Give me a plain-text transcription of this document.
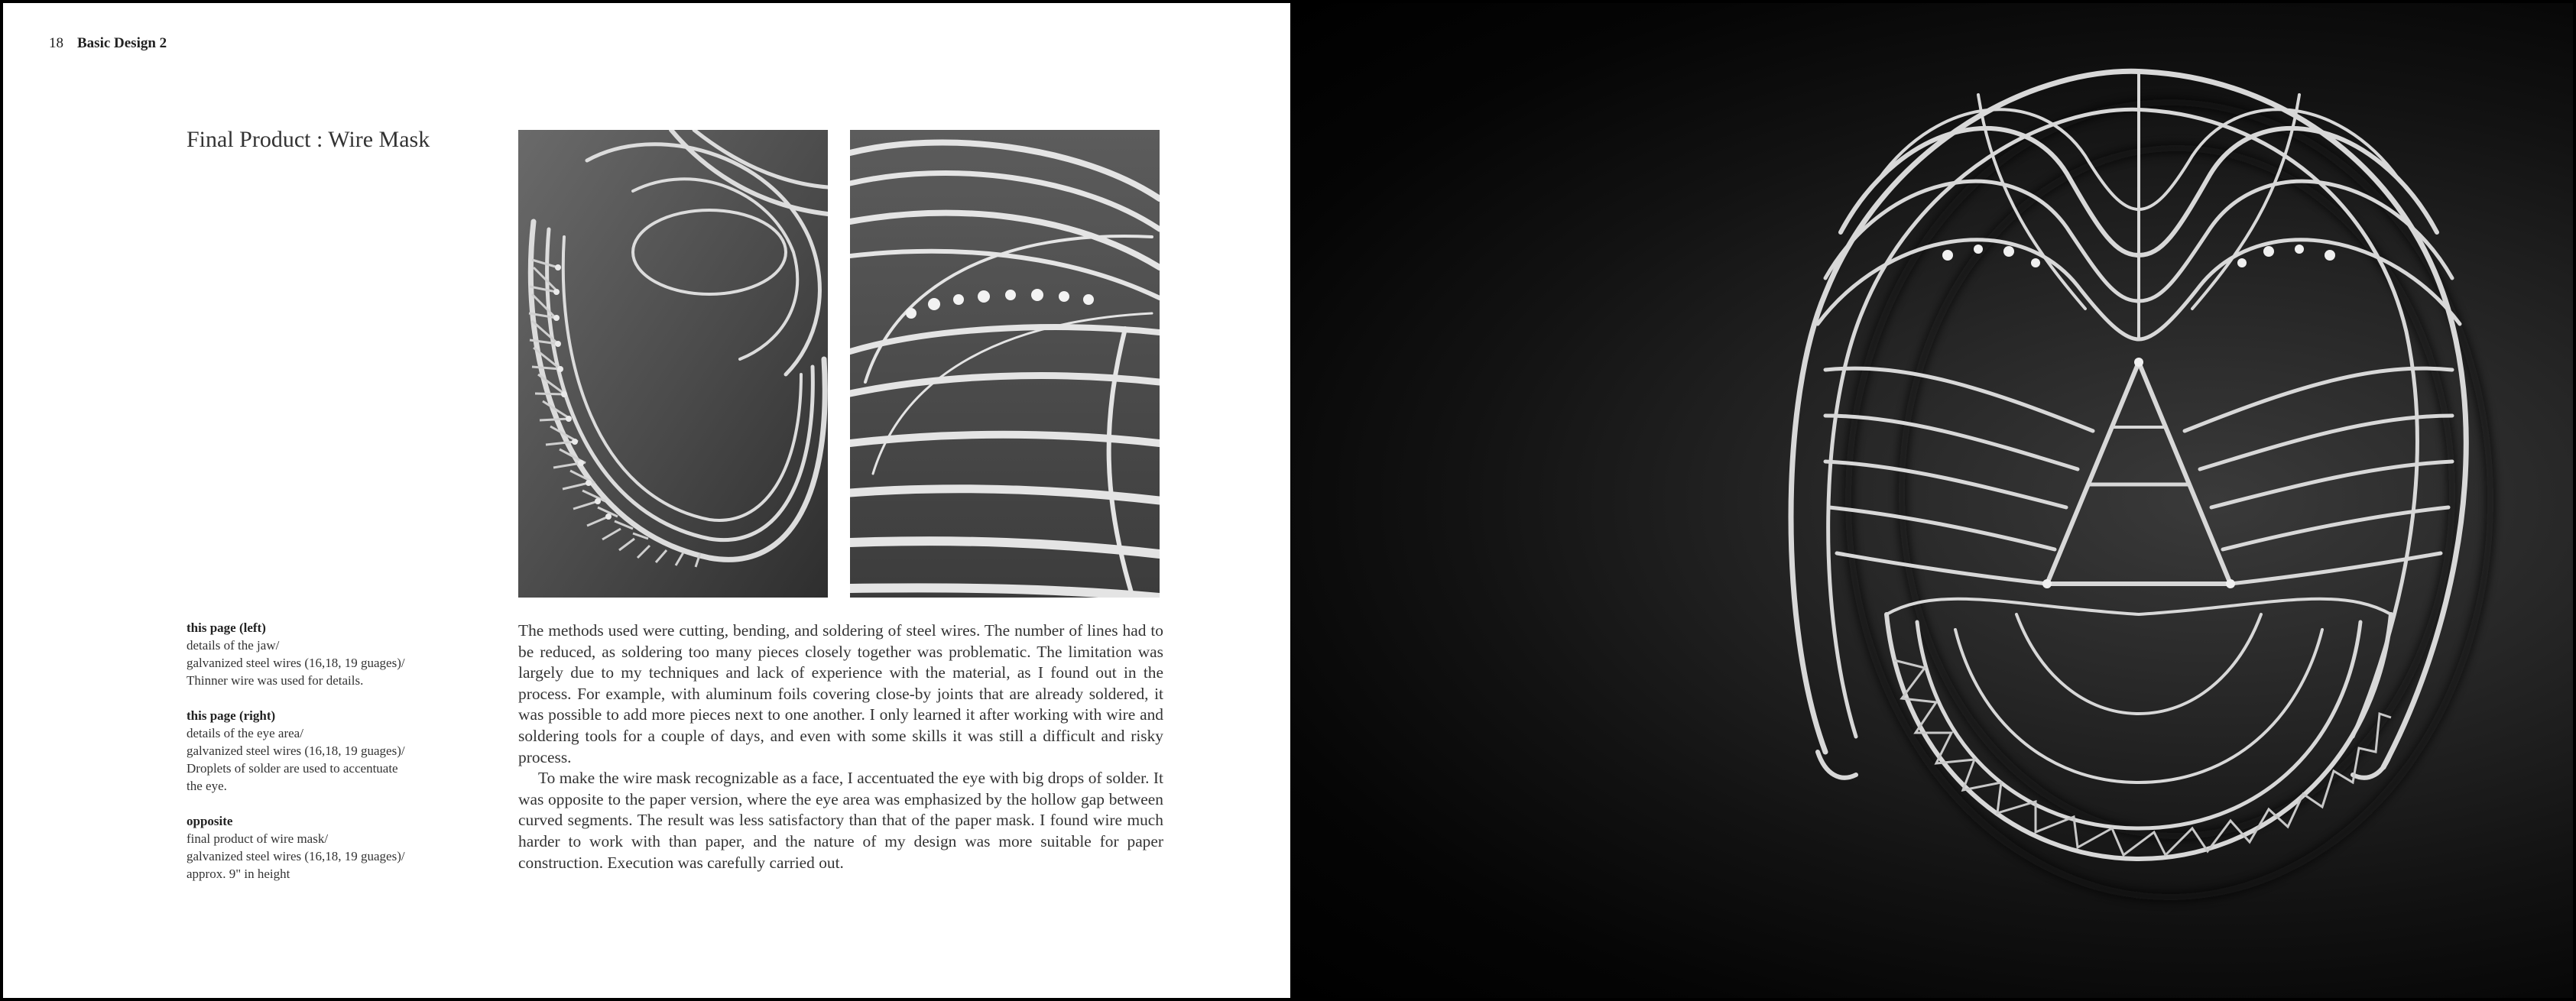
18 Basic Design 2
Final Product : Wire Mask
this page (left)
details of the jaw/
galvanized steel wires (16,18, 19 guages)/
Thinner wire was used for details.
this page (right)
details of the eye area/
galvanized steel wires (16,18, 19 guages)/
Droplets of solder are used to accentuate
the eye.
opposite
final product of wire mask/
galvanized steel wires (16,18, 19 guages)/
approx. 9" in height

The methods used were cutting, bending, and soldering of steel wires. The number of lines had to be reduced, as soldering too many pieces closely together was problematic. The limitation was largely due to my techniques and lack of experience with the material, as I found out in the process. For example, with aluminum foils covering close-by joints that are already soldered, it was possible to add more pieces next to one another. I only learned it after working with wire and soldering tools for a couple of days, and even with some skills it was still a difficult and risky process.

To make the wire mask recognizable as a face, I accentuated the eye with big drops of solder. It was opposite to the paper version, where the eye area was emphasized by the hollow gap between curved segments. The result was less satisfactory than that of the paper mask. I found wire much harder to work with than paper, and the nature of my design was more suitable for paper construction. Execution was carefully carried out.
